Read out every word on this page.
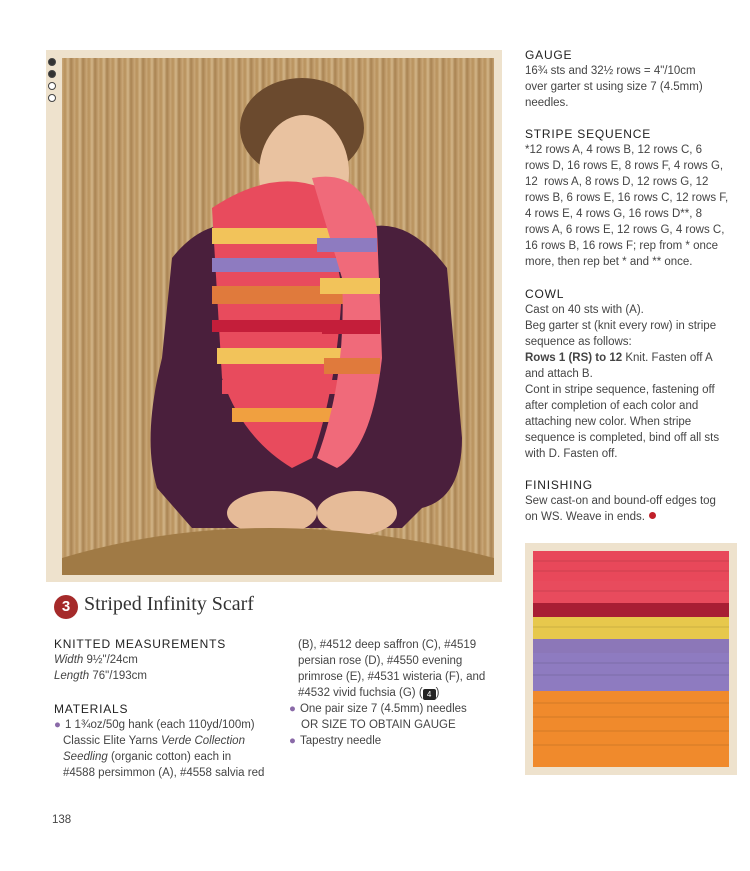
3 Striped Infinity Scarf
KNITTED MEASUREMENTS
Width 9½"/24cm
Length 76"/193cm
MATERIALS
● 1 1¾oz/50g hank (each 110yd/100m)
Classic Elite Yarns Verde Collection
Seedling (organic cotton) each in
#4588 persimmon (A), #4558 salvia red
(B), #4512 deep saffron (C), #4519
persian rose (D), #4550 evening
primrose (E), #4531 wisteria (F), and
#4532 vivid fuchsia (G) ( 4 )
● One pair size 7 (4.5mm) needles
OR SIZE TO OBTAIN GAUGE
● Tapestry needle
GAUGE
16¾ sts and 32½ rows = 4"/10cm
over garter st using size 7 (4.5mm)
needles.
STRIPE SEQUENCE
*12 rows A, 4 rows B, 12 rows C, 6
rows D, 16 rows E, 8 rows F, 4 rows G,
12  rows A, 8 rows D, 12 rows G, 12
rows B, 6 rows E, 16 rows C, 12 rows F,
4 rows E, 4 rows G, 16 rows D**, 8
rows A, 6 rows E, 12 rows G, 4 rows C,
16 rows B, 16 rows F; rep from * once
more, then rep bet * and ** once.
COWL
Cast on 40 sts with (A).
Beg garter st (knit every row) in stripe
sequence as follows:
Rows 1 (RS) to 12 Knit. Fasten off A
and attach B.
Cont in stripe sequence, fastening off
after completion of each color and
attaching new color. When stripe
sequence is completed, bind off all sts
with D. Fasten off.
FINISHING
Sew cast-on and bound-off edges tog
on WS. Weave in ends.
138
